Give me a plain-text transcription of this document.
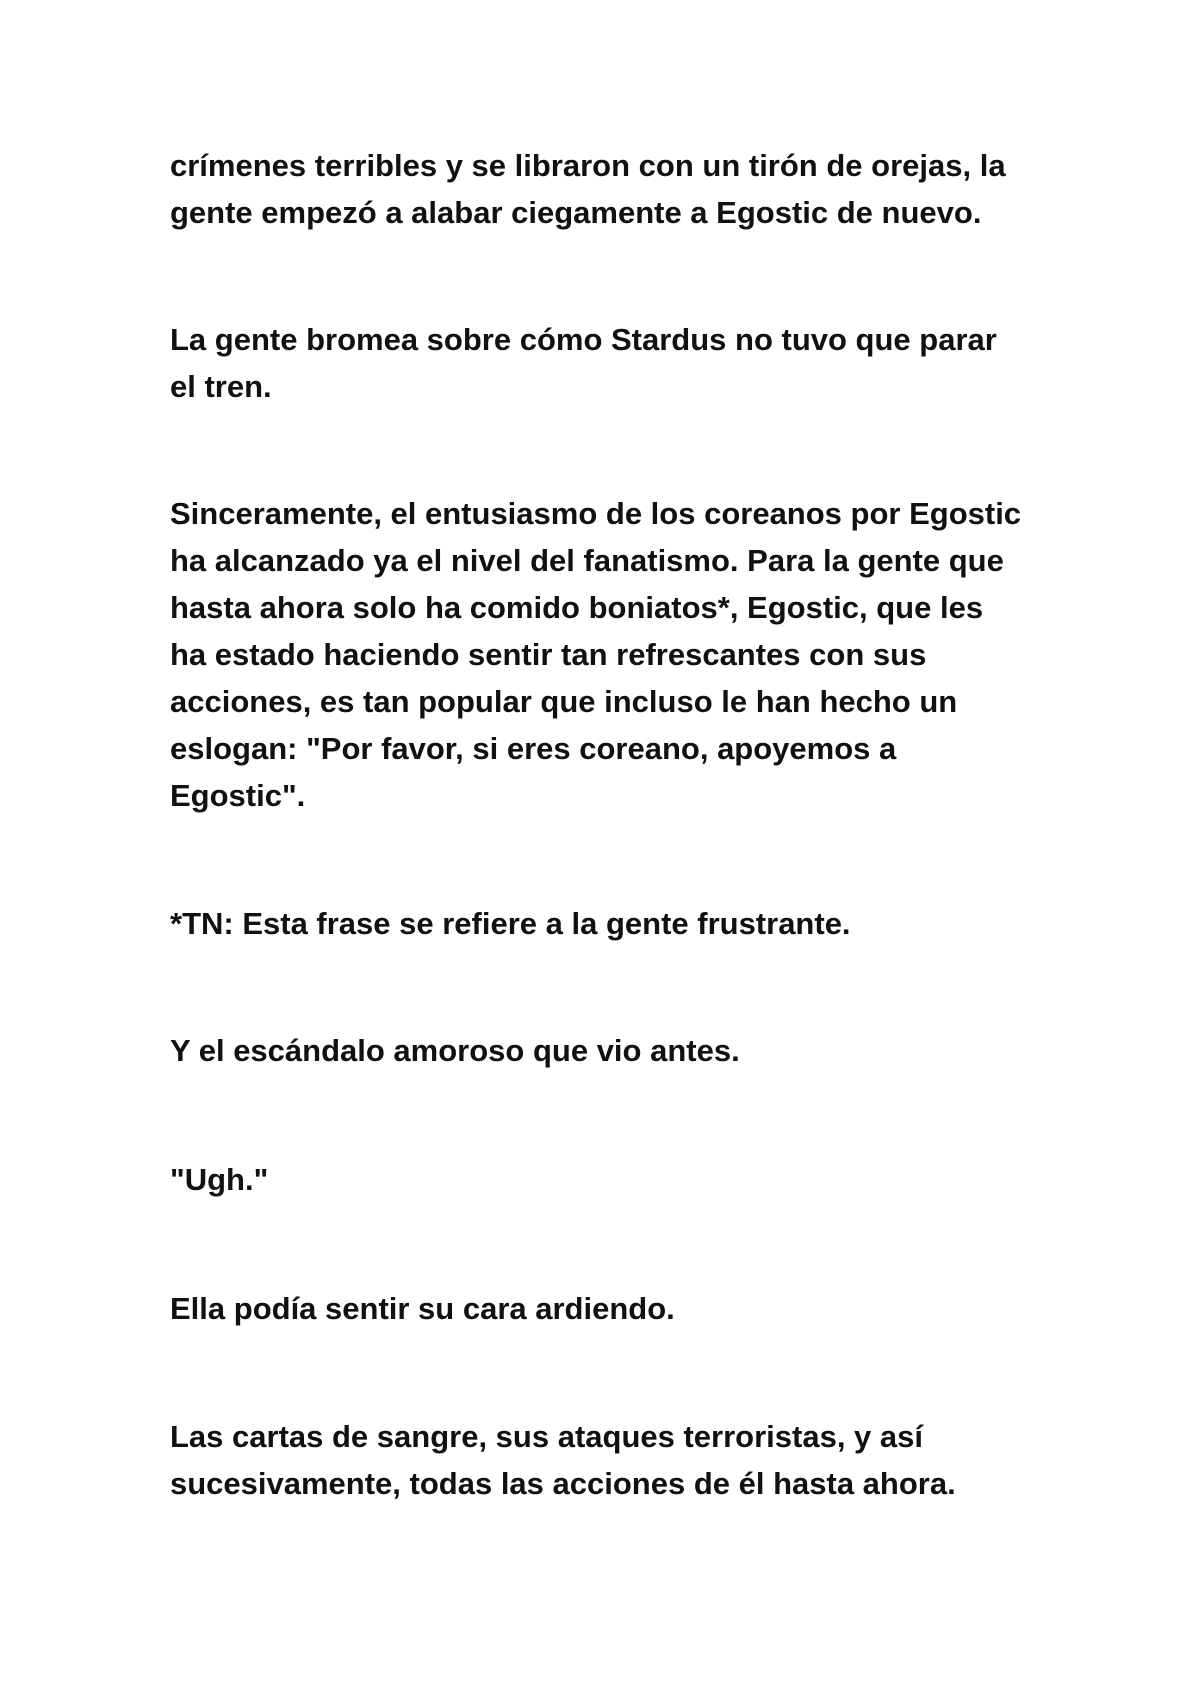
crímenes terribles y se libraron con un tirón de orejas, la
gente empezó a alabar ciegamente a Egostic de nuevo.

La gente bromea sobre cómo Stardus no tuvo que parar
el tren.

Sinceramente, el entusiasmo de los coreanos por Egostic
ha alcanzado ya el nivel del fanatismo. Para la gente que
hasta ahora solo ha comido boniatos*, Egostic, que les
ha estado haciendo sentir tan refrescantes con sus
acciones, es tan popular que incluso le han hecho un
eslogan: "Por favor, si eres coreano, apoyemos a
Egostic".

*TN: Esta frase se refiere a la gente frustrante.

Y el escándalo amoroso que vio antes.

"Ugh."

Ella podía sentir su cara ardiendo.

Las cartas de sangre, sus ataques terroristas, y así
sucesivamente, todas las acciones de él hasta ahora.
